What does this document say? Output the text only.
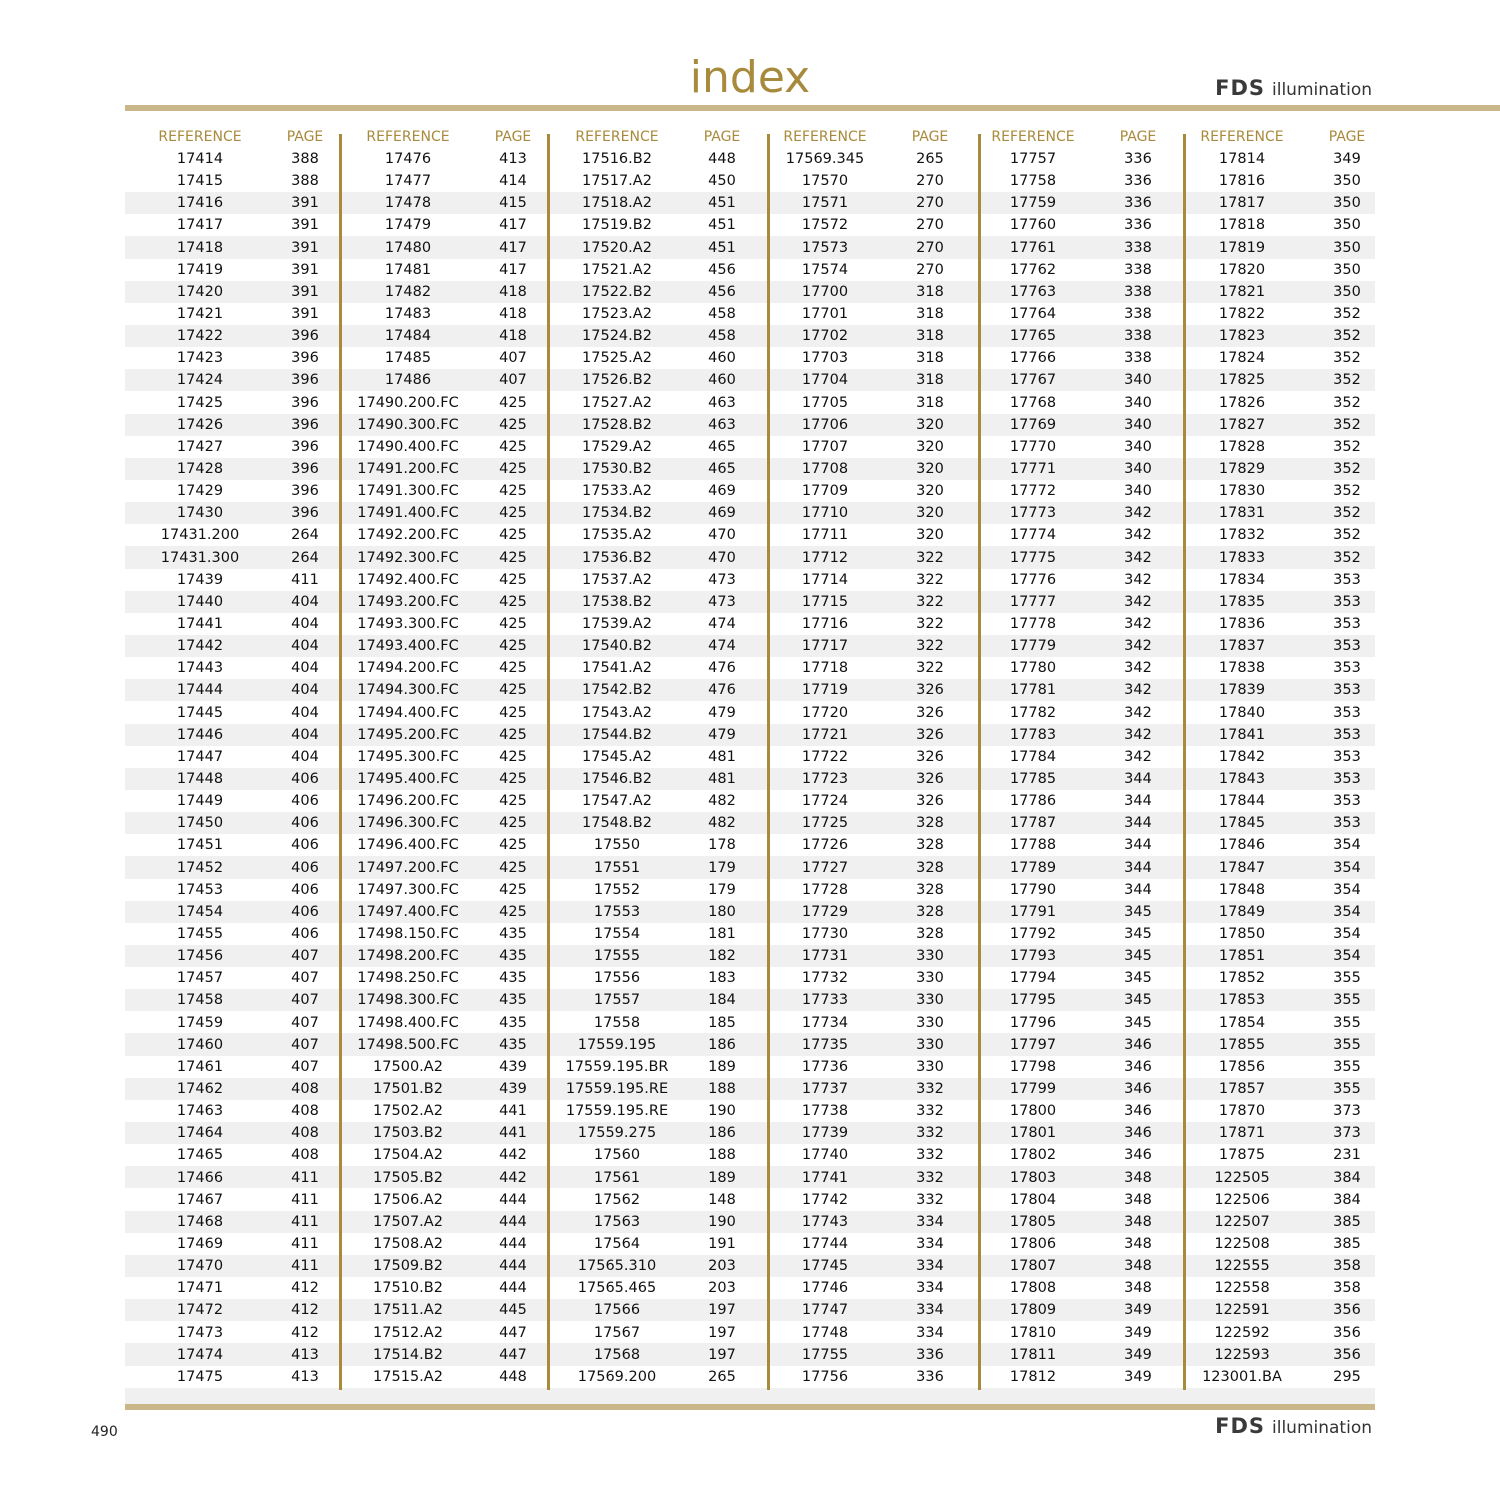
index	FDS illumination
REFERENCE	PAGE
17414	388
17415	388
17416	391
17417	391
17418	391
17419	391
17420	391
17421	391
17422	396
17423	396
17424	396
17425	396
17426	396
17427	396
17428	396
17429	396
17430	396
17431.200	264
17431.300	264
17439	411
17440	404
17441	404
17442	404
17443	404
17444	404
17445	404
17446	404
17447	404
17448	406
17449	406
17450	406
17451	406
17452	406
17453	406
17454	406
17455	406
17456	407
17457	407
17458	407
17459	407
17460	407
17461	407
17462	408
17463	408
17464	408
17465	408
17466	411
17467	411
17468	411
17469	411
17470	411
17471	412
17472	412
17473	412
17474	413
17475	413
REFERENCE	PAGE
17476	413
17477	414
17478	415
17479	417
17480	417
17481	417
17482	418
17483	418
17484	418
17485	407
17486	407
17490.200.FC	425
17490.300.FC	425
17490.400.FC	425
17491.200.FC	425
17491.300.FC	425
17491.400.FC	425
17492.200.FC	425
17492.300.FC	425
17492.400.FC	425
17493.200.FC	425
17493.300.FC	425
17493.400.FC	425
17494.200.FC	425
17494.300.FC	425
17494.400.FC	425
17495.200.FC	425
17495.300.FC	425
17495.400.FC	425
17496.200.FC	425
17496.300.FC	425
17496.400.FC	425
17497.200.FC	425
17497.300.FC	425
17497.400.FC	425
17498.150.FC	435
17498.200.FC	435
17498.250.FC	435
17498.300.FC	435
17498.400.FC	435
17498.500.FC	435
17500.A2	439
17501.B2	439
17502.A2	441
17503.B2	441
17504.A2	442
17505.B2	442
17506.A2	444
17507.A2	444
17508.A2	444
17509.B2	444
17510.B2	444
17511.A2	445
17512.A2	447
17514.B2	447
17515.A2	448
REFERENCE	PAGE
17516.B2	448
17517.A2	450
17518.A2	451
17519.B2	451
17520.A2	451
17521.A2	456
17522.B2	456
17523.A2	458
17524.B2	458
17525.A2	460
17526.B2	460
17527.A2	463
17528.B2	463
17529.A2	465
17530.B2	465
17533.A2	469
17534.B2	469
17535.A2	470
17536.B2	470
17537.A2	473
17538.B2	473
17539.A2	474
17540.B2	474
17541.A2	476
17542.B2	476
17543.A2	479
17544.B2	479
17545.A2	481
17546.B2	481
17547.A2	482
17548.B2	482
17550	178
17551	179
17552	179
17553	180
17554	181
17555	182
17556	183
17557	184
17558	185
17559.195	186
17559.195.BR	189
17559.195.RE	188
17559.195.RE	190
17559.275	186
17560	188
17561	189
17562	148
17563	190
17564	191
17565.310	203
17565.465	203
17566	197
17567	197
17568	197
17569.200	265
REFERENCE	PAGE
17569.345	265
17570	270
17571	270
17572	270
17573	270
17574	270
17700	318
17701	318
17702	318
17703	318
17704	318
17705	318
17706	320
17707	320
17708	320
17709	320
17710	320
17711	320
17712	322
17714	322
17715	322
17716	322
17717	322
17718	322
17719	326
17720	326
17721	326
17722	326
17723	326
17724	326
17725	328
17726	328
17727	328
17728	328
17729	328
17730	328
17731	330
17732	330
17733	330
17734	330
17735	330
17736	330
17737	332
17738	332
17739	332
17740	332
17741	332
17742	332
17743	334
17744	334
17745	334
17746	334
17747	334
17748	334
17755	336
17756	336
REFERENCE	PAGE
17757	336
17758	336
17759	336
17760	336
17761	338
17762	338
17763	338
17764	338
17765	338
17766	338
17767	340
17768	340
17769	340
17770	340
17771	340
17772	340
17773	342
17774	342
17775	342
17776	342
17777	342
17778	342
17779	342
17780	342
17781	342
17782	342
17783	342
17784	342
17785	344
17786	344
17787	344
17788	344
17789	344
17790	344
17791	345
17792	345
17793	345
17794	345
17795	345
17796	345
17797	346
17798	346
17799	346
17800	346
17801	346
17802	346
17803	348
17804	348
17805	348
17806	348
17807	348
17808	348
17809	349
17810	349
17811	349
17812	349
REFERENCE	PAGE
17814	349
17816	350
17817	350
17818	350
17819	350
17820	350
17821	350
17822	352
17823	352
17824	352
17825	352
17826	352
17827	352
17828	352
17829	352
17830	352
17831	352
17832	352
17833	352
17834	353
17835	353
17836	353
17837	353
17838	353
17839	353
17840	353
17841	353
17842	353
17843	353
17844	353
17845	353
17846	354
17847	354
17848	354
17849	354
17850	354
17851	354
17852	355
17853	355
17854	355
17855	355
17856	355
17857	355
17870	373
17871	373
17875	231
122505	384
122506	384
122507	385
122508	385
122555	358
122558	358
122591	356
122592	356
122593	356
123001.BA	295
490	FDS illumination
